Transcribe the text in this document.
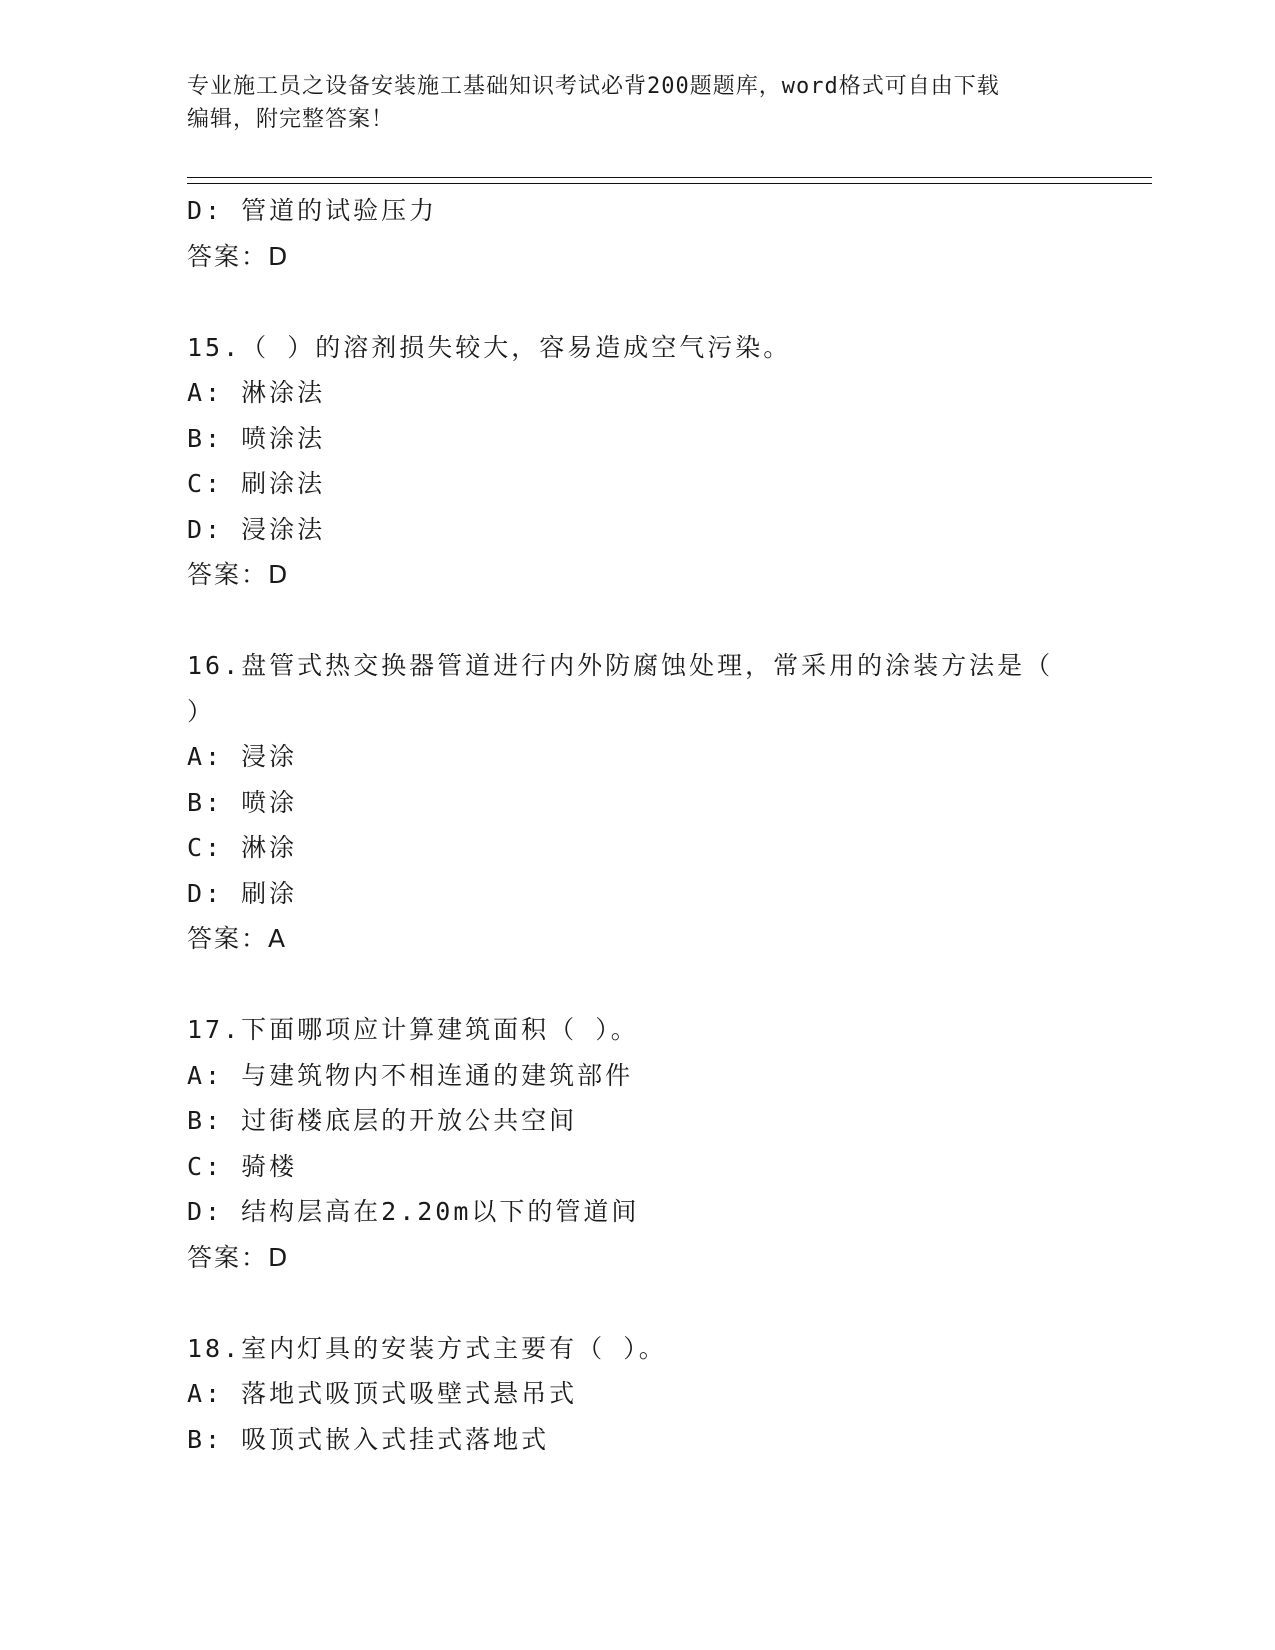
专业施工员之设备安装施工基础知识考试必背200题题库，word格式可自由下载
编辑，附完整答案！
D: 管道的试验压力
答案：D
15.（ ）的溶剂损失较大，容易造成空气污染。
A: 淋涂法
B: 喷涂法
C: 刷涂法
D: 浸涂法
答案：D
16.盘管式热交换器管道进行内外防腐蚀处理，常采用的涂装方法是（
）
A: 浸涂
B: 喷涂
C: 淋涂
D: 刷涂
答案：A
17.下面哪项应计算建筑面积（ ）。
A: 与建筑物内不相连通的建筑部件
B: 过街楼底层的开放公共空间
C: 骑楼
D: 结构层高在2.20m以下的管道间
答案：D
18.室内灯具的安装方式主要有（ ）。
A: 落地式吸顶式吸壁式悬吊式
B: 吸顶式嵌入式挂式落地式
